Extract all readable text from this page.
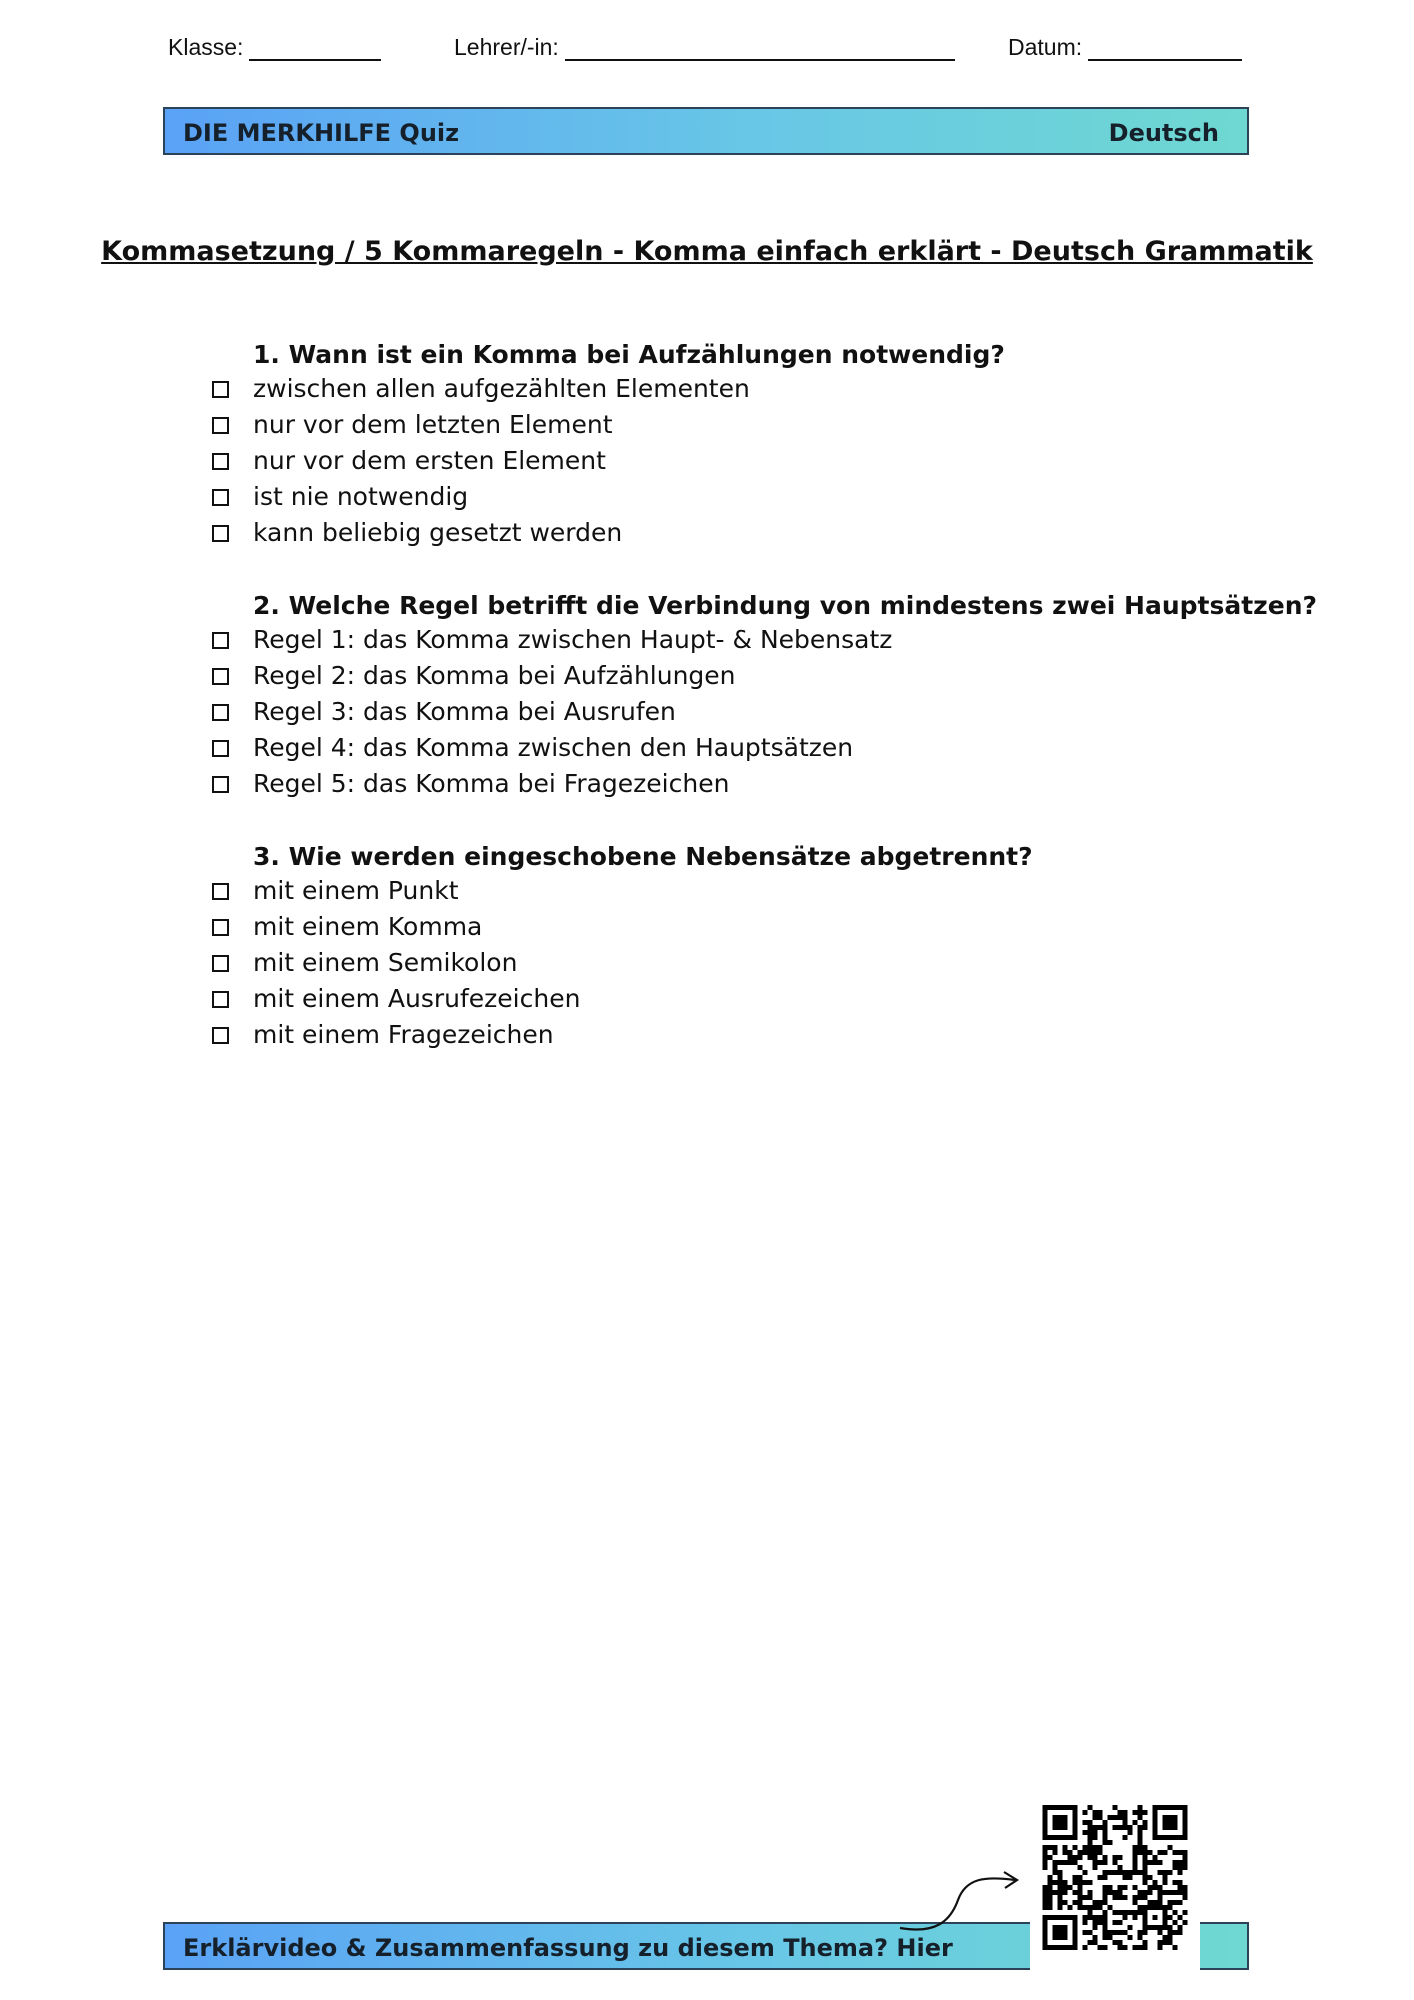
Klasse:	Lehrer/-in:	Datum:
DIE MERKHILFE Quiz	Deutsch
Kommasetzung / 5 Kommaregeln - Komma einfach erklärt - Deutsch Grammatik
1. Wann ist ein Komma bei Aufzählungen notwendig?
zwischen allen aufgezählten Elementen
nur vor dem letzten Element
nur vor dem ersten Element
ist nie notwendig
kann beliebig gesetzt werden
2. Welche Regel betrifft die Verbindung von mindestens zwei Hauptsätzen?
Regel 1: das Komma zwischen Haupt- & Nebensatz
Regel 2: das Komma bei Aufzählungen
Regel 3: das Komma bei Ausrufen
Regel 4: das Komma zwischen den Hauptsätzen
Regel 5: das Komma bei Fragezeichen
3. Wie werden eingeschobene Nebensätze abgetrennt?
mit einem Punkt
mit einem Komma
mit einem Semikolon
mit einem Ausrufezeichen
mit einem Fragezeichen
Erklärvideo & Zusammenfassung zu diesem Thema? Hier
